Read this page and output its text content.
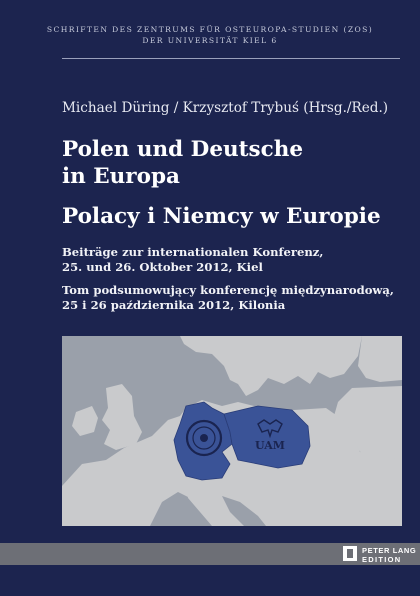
SCHRIFTEN DES ZENTRUMS FÜR OSTEUROPA-STUDIEN (ZOS)
DER UNIVERSITÄT KIEL 6
Michael Düring / Krzysztof Trybuś (Hrsg./Red.)
Polen und Deutsche
in Europa
Polacy i Niemcy w Europie
Beiträge zur internationalen Konferenz,
25. und 26. Oktober 2012, Kiel
Tom podsumowujący konferencję międzynarodową,
25 i 26 października 2012, Kilonia
UAM
PETER LANG
EDITION
